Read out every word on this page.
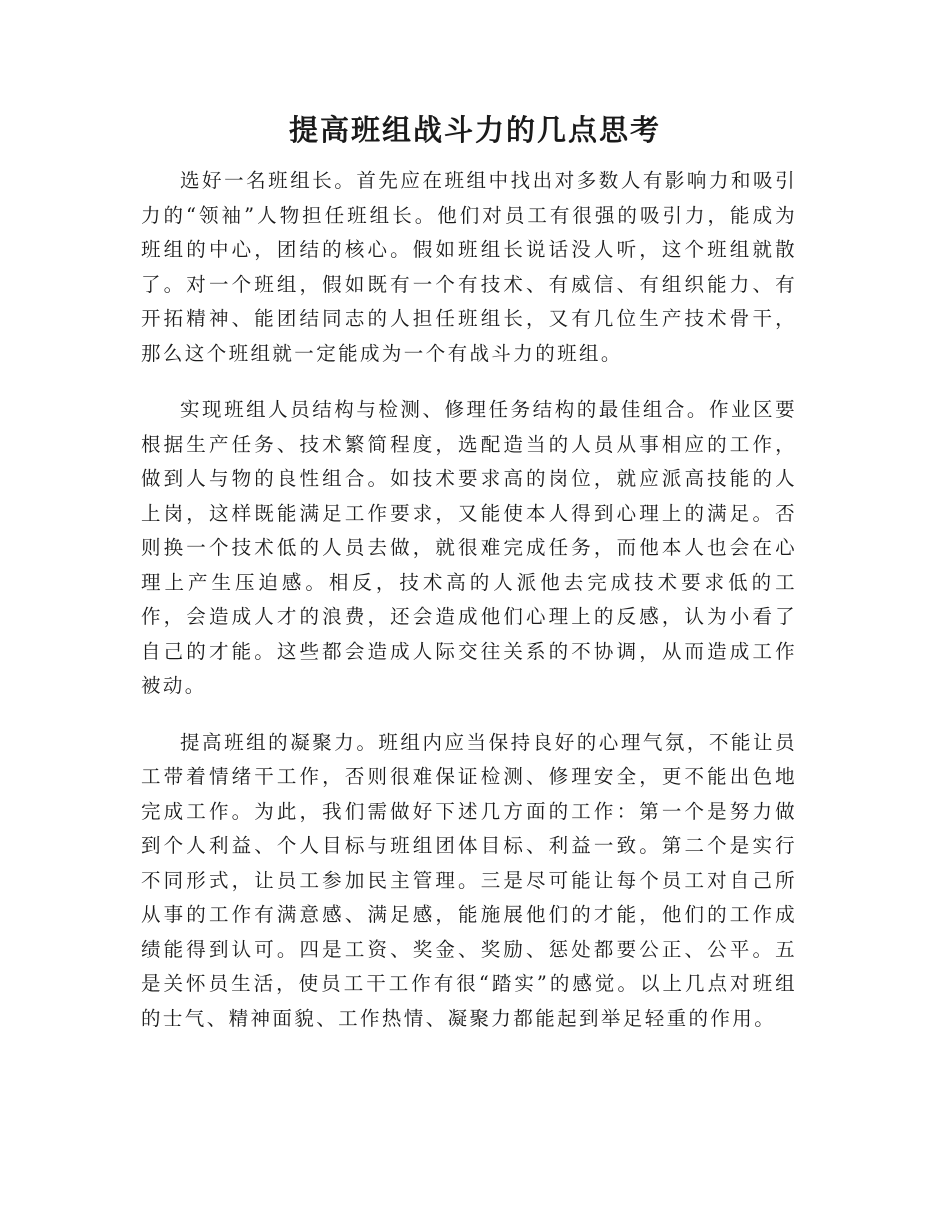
提高班组战斗力的几点思考

选好一名班组长。首先应在班组中找出对多数人有影响力和吸引力的“领袖”人物担任班组长。他们对员工有很强的吸引力，能成为班组的中心，团结的核心。假如班组长说话没人听，这个班组就散了。对一个班组，假如既有一个有技术、有威信、有组织能力、有开拓精神、能团结同志的人担任班组长，又有几位生产技术骨干，那么这个班组就一定能成为一个有战斗力的班组。

实现班组人员结构与检测、修理任务结构的最佳组合。作业区要根据生产任务、技术繁简程度，选配造当的人员从事相应的工作，做到人与物的良性组合。如技术要求高的岗位，就应派高技能的人上岗，这样既能满足工作要求，又能使本人得到心理上的满足。否则换一个技术低的人员去做，就很难完成任务，而他本人也会在心理上产生压迫感。相反，技术高的人派他去完成技术要求低的工作，会造成人才的浪费，还会造成他们心理上的反感，认为小看了自己的才能。这些都会造成人际交往关系的不协调，从而造成工作被动。

提高班组的凝聚力。班组内应当保持良好的心理气氛，不能让员工带着情绪干工作，否则很难保证检测、修理安全，更不能出色地完成工作。为此，我们需做好下述几方面的工作：第一个是努力做到个人利益、个人目标与班组团体目标、利益一致。第二个是实行不同形式，让员工参加民主管理。三是尽可能让每个员工对自己所从事的工作有满意感、满足感，能施展他们的才能，他们的工作成绩能得到认可。四是工资、奖金、奖励、惩处都要公正、公平。五是关怀员生活，使员工干工作有很“踏实”的感觉。以上几点对班组的士气、精神面貌、工作热情、凝聚力都能起到举足轻重的作用。
